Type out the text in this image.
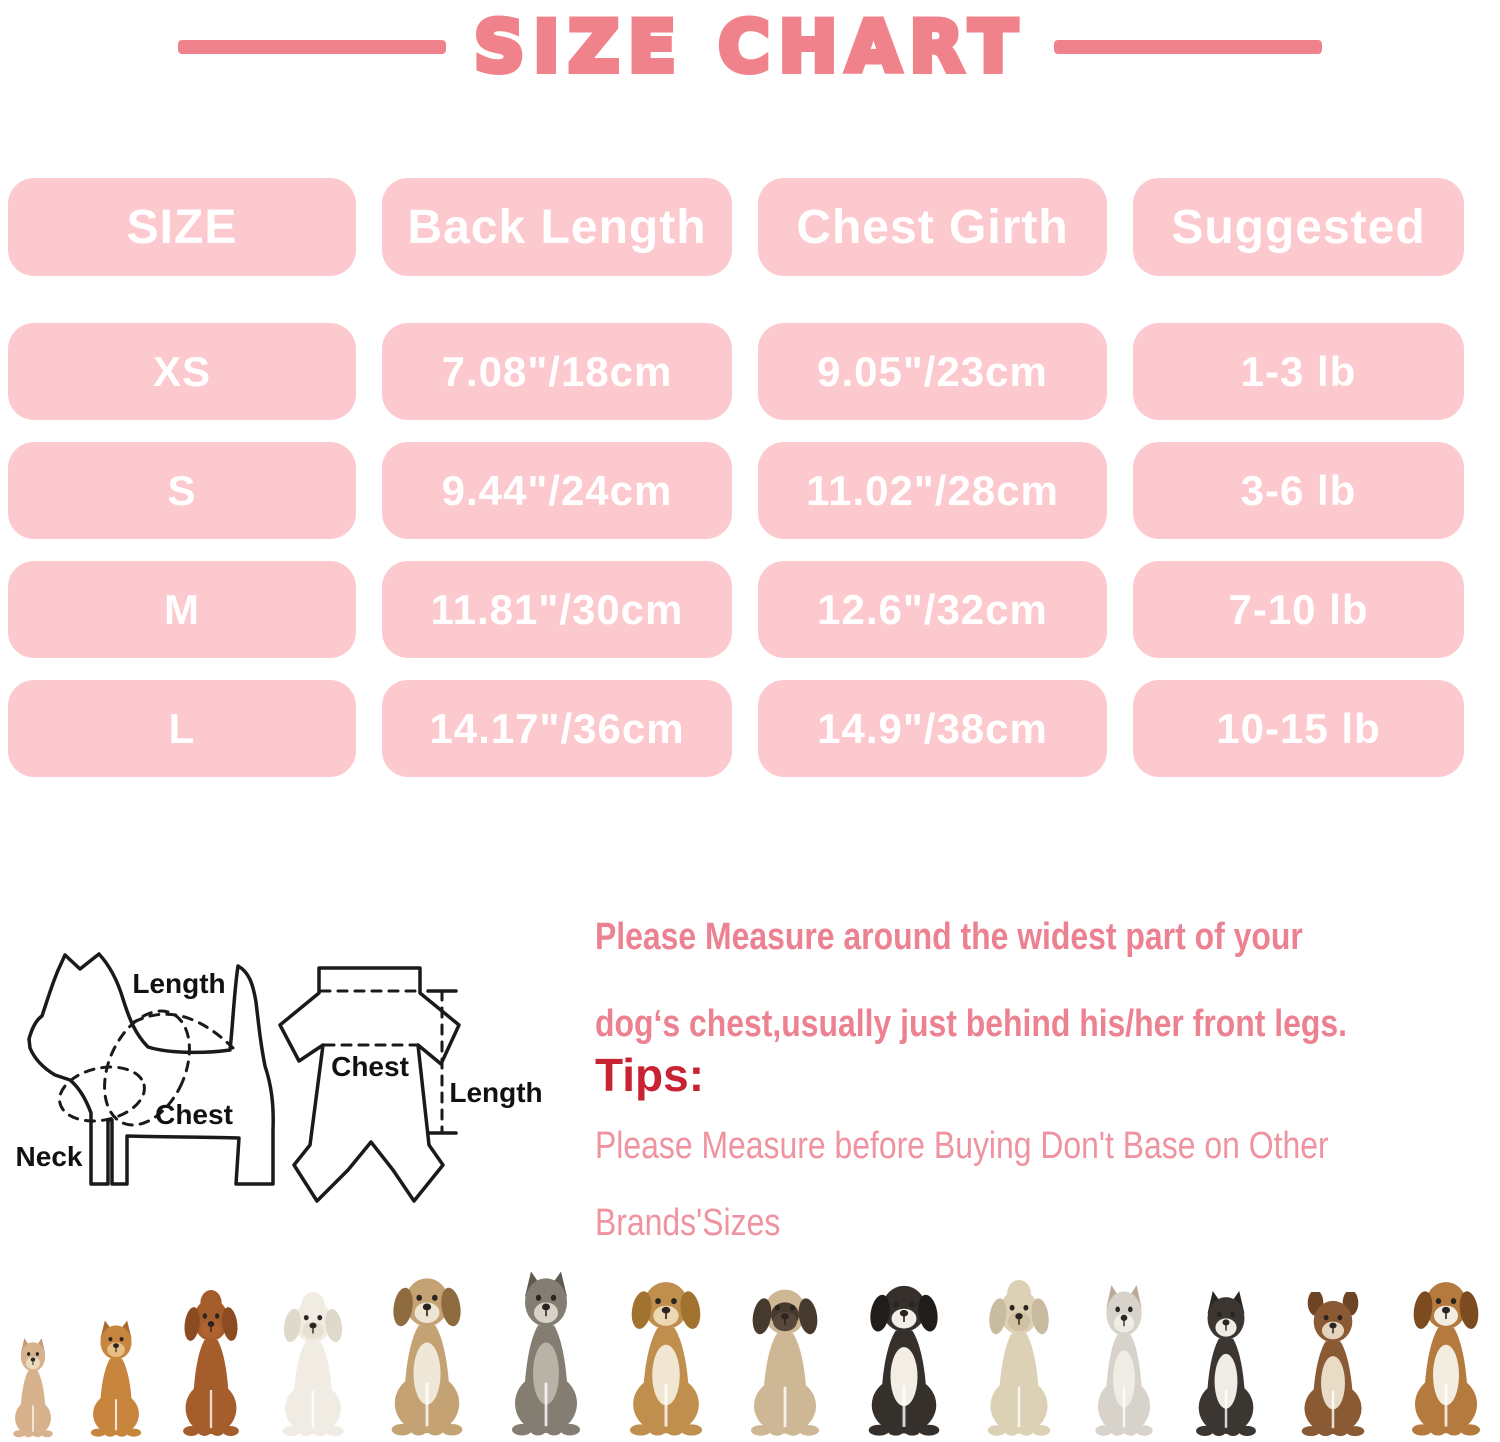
SIZE CHART
SIZE	Back Length	Chest Girth	Suggested
XS	7.08"/18cm	9.05"/23cm	1-3 lb
S	9.44"/24cm	11.02"/28cm	3-6 lb
M	11.81"/30cm	12.6"/32cm	7-10 lb
L	14.17"/36cm	14.9"/38cm	10-15 lb
Length
Chest
Neck
Chest
Length
Please Measure around the widest part of your
dog‘s chest,usually just behind his/her front legs.
Tips:
Please Measure before Buying Don't Base on Other
Brands'Sizes
